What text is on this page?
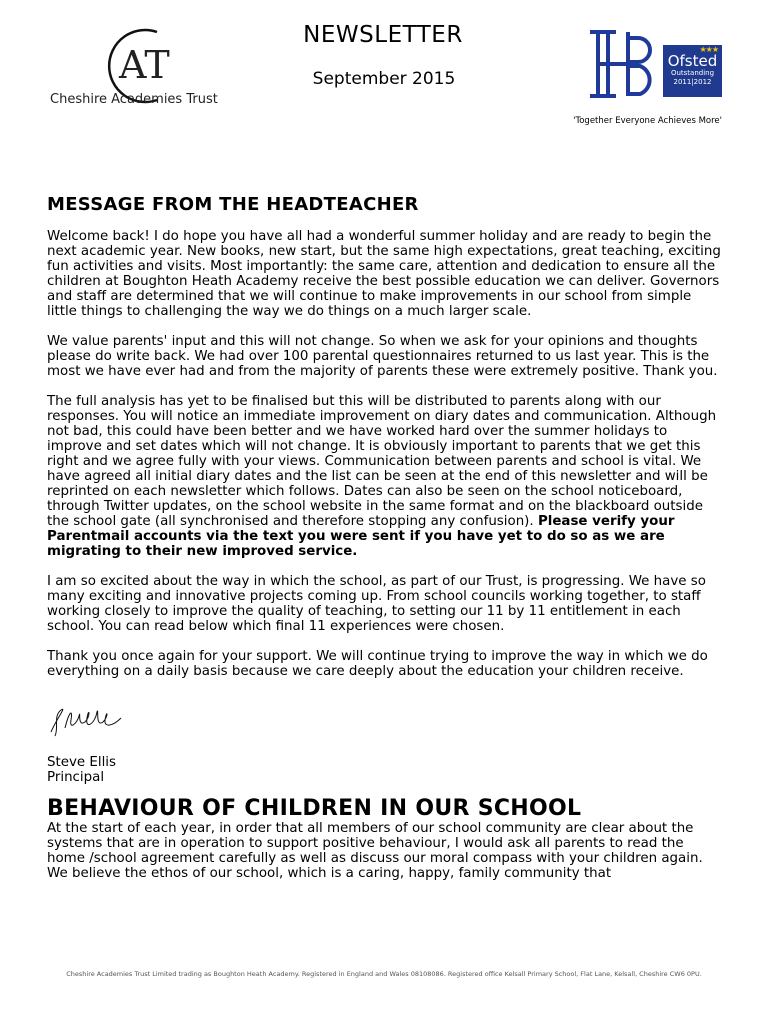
AT
Cheshire Academies Trust
NEWSLETTER
September 2015
★★★
Ofsted
Outstanding
2011|2012
'Together Everyone Achieves More'
MESSAGE FROM THE HEADTEACHER

Welcome back! I do hope you have all had a wonderful summer holiday and are ready to begin the next academic year. New books, new start, but the same high expectations, great teaching, exciting fun activities and visits. Most importantly: the same care, attention and dedication to ensure all the children at Boughton Heath Academy receive the best possible education we can deliver. Governors and staff are determined that we will continue to make improvements in our school from simple little things to challenging the way we do things on a much larger scale.

We value parents' input and this will not change. So when we ask for your opinions and thoughts please do write back. We had over 100 parental questionnaires returned to us last year. This is the most we have ever had and from the majority of parents these were extremely positive. Thank you.

The full analysis has yet to be finalised but this will be distributed to parents along with our responses. You will notice an immediate improvement on diary dates and communication. Although not bad, this could have been better and we have worked hard over the summer holidays to improve and set dates which will not change. It is obviously important to parents that we get this right and we agree fully with your views. Communication between parents and school is vital. We have agreed all initial diary dates and the list can be seen at the end of this newsletter and will be reprinted on each newsletter which follows. Dates can also be seen on the school noticeboard, through Twitter updates, on the school website in the same format and on the blackboard outside the school gate (all synchronised and therefore stopping any confusion). Please verify your Parentmail accounts via the text you were sent if you have yet to do so as we are migrating to their new improved service.

I am so excited about the way in which the school, as part of our Trust, is progressing. We have so many exciting and innovative projects coming up. From school councils working together, to staff working closely to improve the quality of teaching, to setting our 11 by 11 entitlement in each school. You can read below which final 11 experiences were chosen.

Thank you once again for your support. We will continue trying to improve the way in which we do everything on a daily basis because we care deeply about the education your children receive.

Steve Ellis
Principal
BEHAVIOUR OF CHILDREN IN OUR SCHOOL

At the start of each year, in order that all members of our school community are clear about the systems that are in operation to support positive behaviour, I would ask all parents to read the home /school agreement carefully as well as discuss our moral compass with your children again. We believe the ethos of our school, which is a caring, happy, family community that

Cheshire Academies Trust Limited trading as Boughton Heath Academy. Registered in England and Wales 08108086. Registered office Kelsall Primary School, Flat Lane, Kelsall, Cheshire CW6 0PU.
